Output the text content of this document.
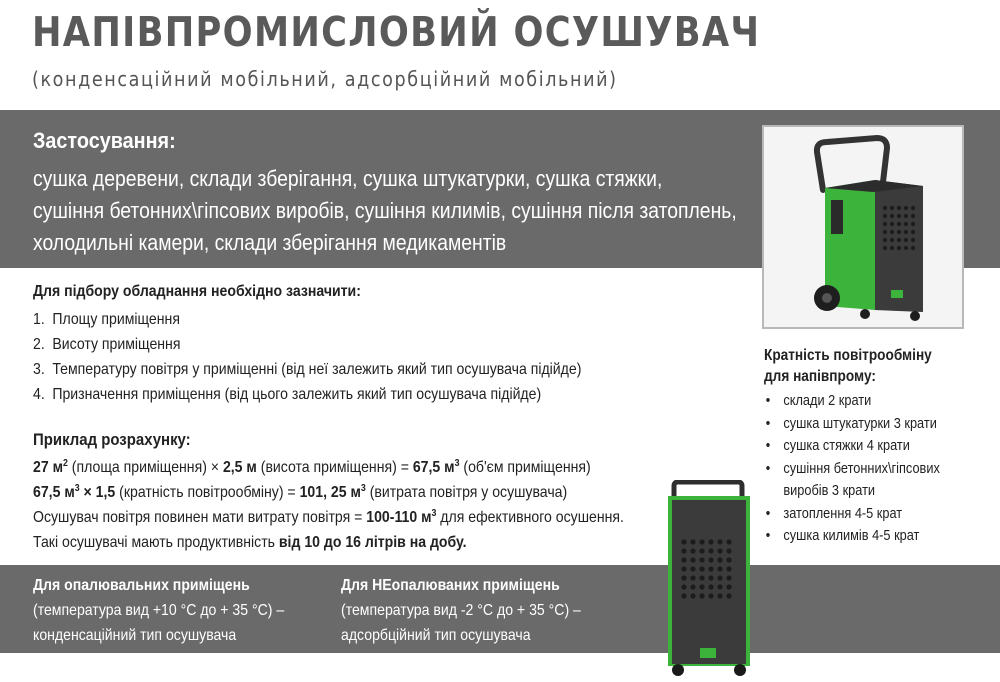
НАПІВПРОМИСЛОВИЙ ОСУШУВАЧ
(конденсаційний мобільний, адсорбційний мобільний)
Застосування:
сушка деревени, склади зберігання, сушка штукатурки, сушка стяжки,
сушіння бетонних\гіпсових виробів, сушіння килимів, сушіння після затоплень,
холодильні камери, склади зберігання медикаментів
Для підбору обладнання необхідно зазначити:
1. Площу приміщення
2. Висоту приміщення
3. Температуру повітря у приміщенні (від неї залежить який тип осушувача підійде)
4. Призначення приміщення (від цього залежить який тип осушувача підійде)
Приклад розрахунку:
27 $м^2$ (площа приміщення) × 2,5 м (висота приміщення) = 67,5 $м^3$ (об'єм приміщення)
67,5 $м^3 \times 1,5$ (кратність повітрообміну) = 101, 25 $м^3$ (витрата повітря у осушувача)
Осушувач повітря повинен мати витрату повітря = 100-110 $м^3$ для ефективного осушення.
Такі осушувачі мають продуктивність від 10 до 16 літрів на добу.
Кратність повітрообміну
для напівпрому:
• склади 2 крати
• сушка штукатурки 3 крати
• сушка стяжки 4 крати
• сушіння бетонних\гіпсових виробів 3 крати
• затоплення 4-5 крат
• сушка килимів 4-5 крат
Для опалювальних приміщень
(температура вид +10 °С до + 35 °С) –
конденсаційний тип осушувача
Для НЕопалюваних приміщень
(температура вид -2 °С до + 35 °С) –
адсорбційний тип осушувача
